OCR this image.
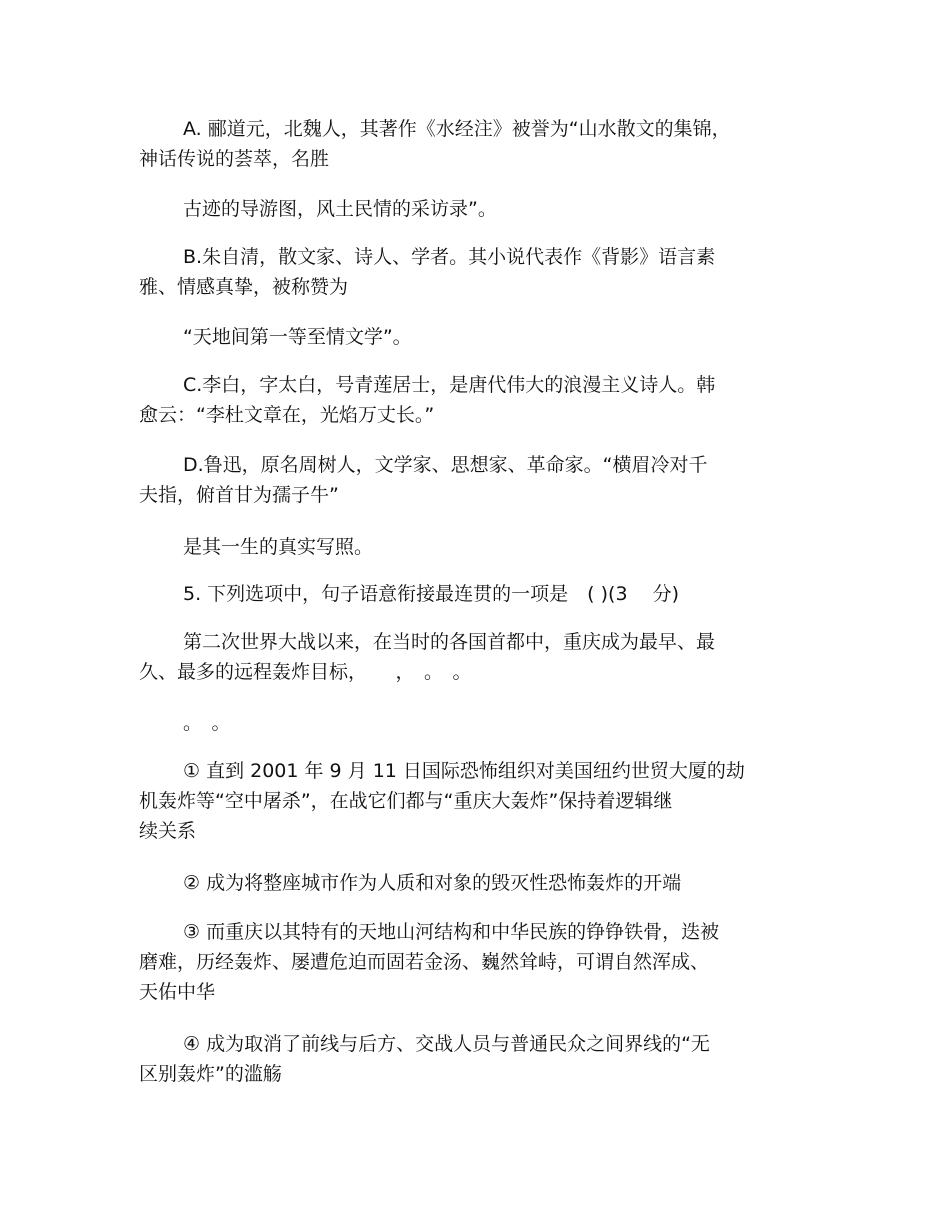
A. 郦道元，北魏人，其著作《水经注》被誉为“山水散文的集锦，
神话传说的荟萃，名胜
古迹的导游图，风土民情的采访录”。
B.朱自清，散文家、诗人、学者。其小说代表作《背影》语言素
雅、情感真挚，被称赞为
“天地间第一等至情文学”。
C.李白，字太白，号青莲居士，是唐代伟大的浪漫主义诗人。韩
愈云：“李杜文章在，光焰万丈长。”
D.鲁迅，原名周树人，文学家、思想家、革命家。“横眉冷对千
夫指，俯首甘为孺子牛”
是其一生的真实写照。
5. 下列选项中，句子语意衔接最连贯的一项是　( )(3　 分)
第二次世界大战以来，在当时的各国首都中，重庆成为最早、最
久、最多的远程轰炸目标，　　，　。　。
。　。
① 直到 2001 年 9 月 11 日国际恐怖组织对美国纽约世贸大厦的劫
机轰炸等“空中屠杀”，在战它们都与“重庆大轰炸”保持着逻辑继
续关系
② 成为将整座城市作为人质和对象的毁灭性恐怖轰炸的开端
③ 而重庆以其特有的天地山河结构和中华民族的铮铮铁骨，迭被
磨难，历经轰炸、屡遭危迫而固若金汤、巍然耸峙，可谓自然浑成、
天佑中华
④ 成为取消了前线与后方、交战人员与普通民众之间界线的“无
区别轰炸”的滥觞
